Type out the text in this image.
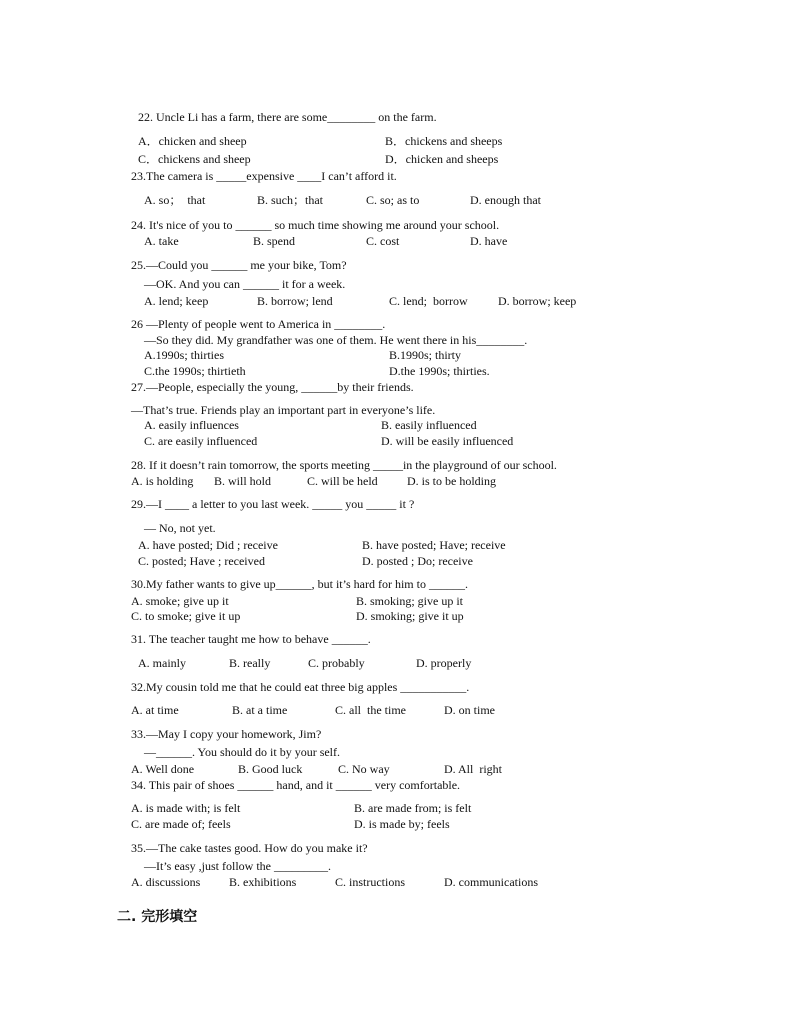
22. Uncle Li has a farm, there are some________ on the farm.
A．chicken and sheep	B．chickens and sheeps
C．chickens and sheep	D．chicken and sheeps
23.The camera is _____expensive ____I can’t afford it.
A. so；  that	B. such；that	C. so; as to	D. enough that
24. It's nice of you to ______ so much time showing me around your school.
A. take	B. spend	C. cost	D. have
25.—Could you ______ me your bike, Tom?
—OK. And you can ______ it for a week.
A. lend; keep	B. borrow; lend	C. lend;  borrow	D. borrow; keep
26 —Plenty of people went to America in ________.
—So they did. My grandfather was one of them. He went there in his________.
A.1990s; thirties	B.1990s; thirty
C.the 1990s; thirtieth	D.the 1990s; thirties.
27.—People, especially the young, ______by their friends.
—That’s true. Friends play an important part in everyone’s life.
A. easily influences	B. easily influenced
C. are easily influenced	D. will be easily influenced
28. If it doesn’t rain tomorrow, the sports meeting _____in the playground of our school.
A. is holding B. will hold	C. will be held D. is to be holding
29.—I ____ a letter to you last week. _____ you _____ it ?
— No, not yet.
A. have posted; Did ; receive	B. have posted; Have; receive
C. posted; Have ; received	D. posted ; Do; receive
30.My father wants to give up______, but it’s hard for him to ______.
A. smoke; give up it	B. smoking; give up it
C. to smoke; give it up	D. smoking; give it up
31. The teacher taught me how to behave ______.
A. mainly	B. really	C. probably	D. properly
32.My cousin told me that he could eat three big apples ___________.
A. at time	B. at a time	C. all  the time	D. on time
33.—May I copy your homework, Jim?
—______. You should do it by your self.
A. Well done	B. Good luck	C. No way	D. All  right
34. This pair of shoes ______ hand, and it ______ very comfortable.
A. is made with; is felt	B. are made from; is felt
C. are made of; feels	D. is made by; feels
35.—The cake tastes good. How do you make it?
—It’s easy ,just follow the _________.
A. discussions B. exhibitions	C. instructions	D. communications
二. 完形填空
